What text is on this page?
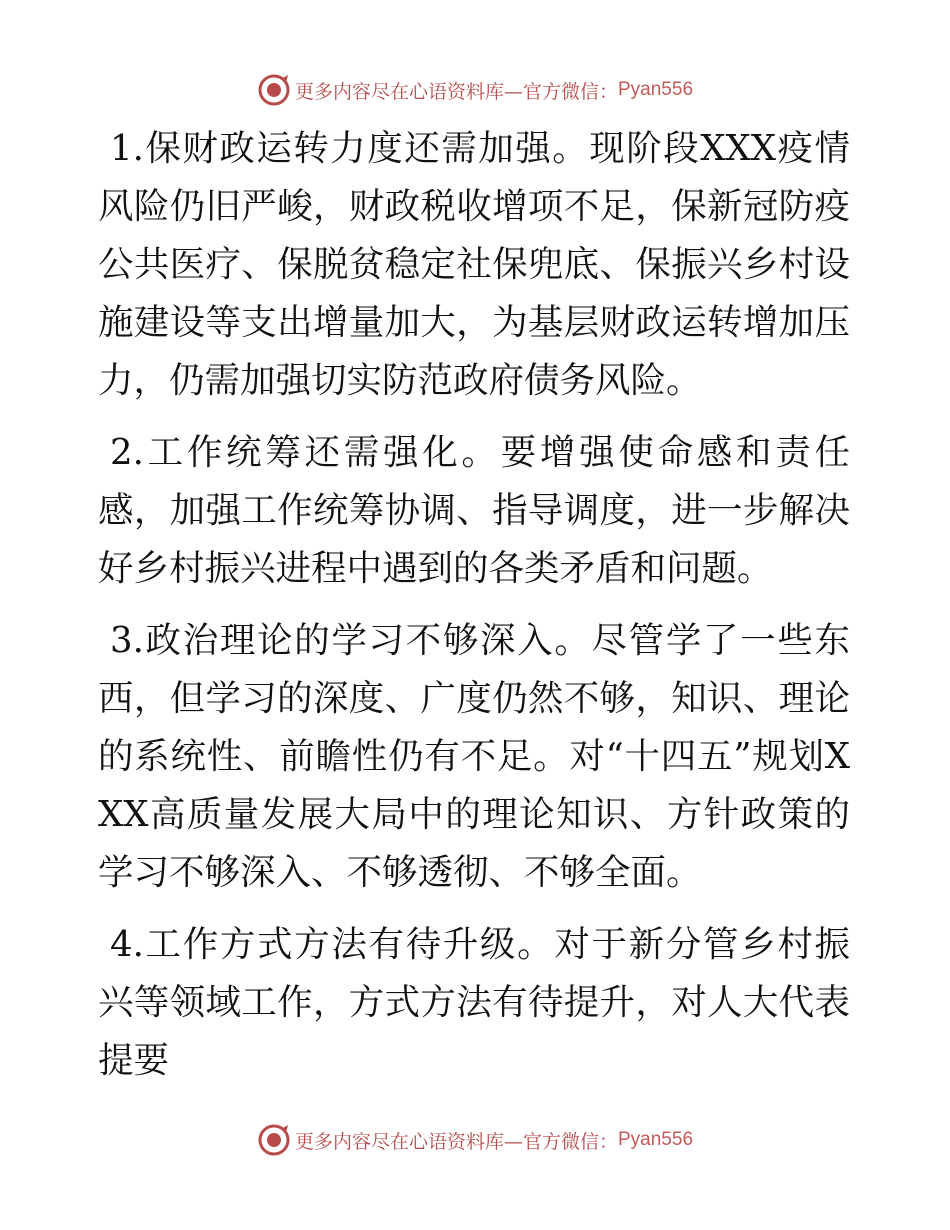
更多内容尽在心语资料库—官方微信： Pyan556

1.保财政运转力度还需加强。现阶段XXX疫情风险仍旧严峻，财政税收增项不足，保新冠防疫公共医疗、保脱贫稳定社保兜底、保振兴乡村设施建设等支出增量加大，为基层财政运转增加压力，仍需加强切实防范政府债务风险。

2.工作统筹还需强化。要增强使命感和责任感，加强工作统筹协调、指导调度，进一步解决好乡村振兴进程中遇到的各类矛盾和问题。

3.政治理论的学习不够深入。尽管学了一些东西，但学习的深度、广度仍然不够，知识、理论的系统性、前瞻性仍有不足。对“十四五”规划XXX高质量发展大局中的理论知识、方针政策的学习不够深入、不够透彻、不够全面。

4.工作方式方法有待升级。对于新分管乡村振兴等领域工作，方式方法有待提升，对人大代表提要

更多内容尽在心语资料库—官方微信： Pyan556
